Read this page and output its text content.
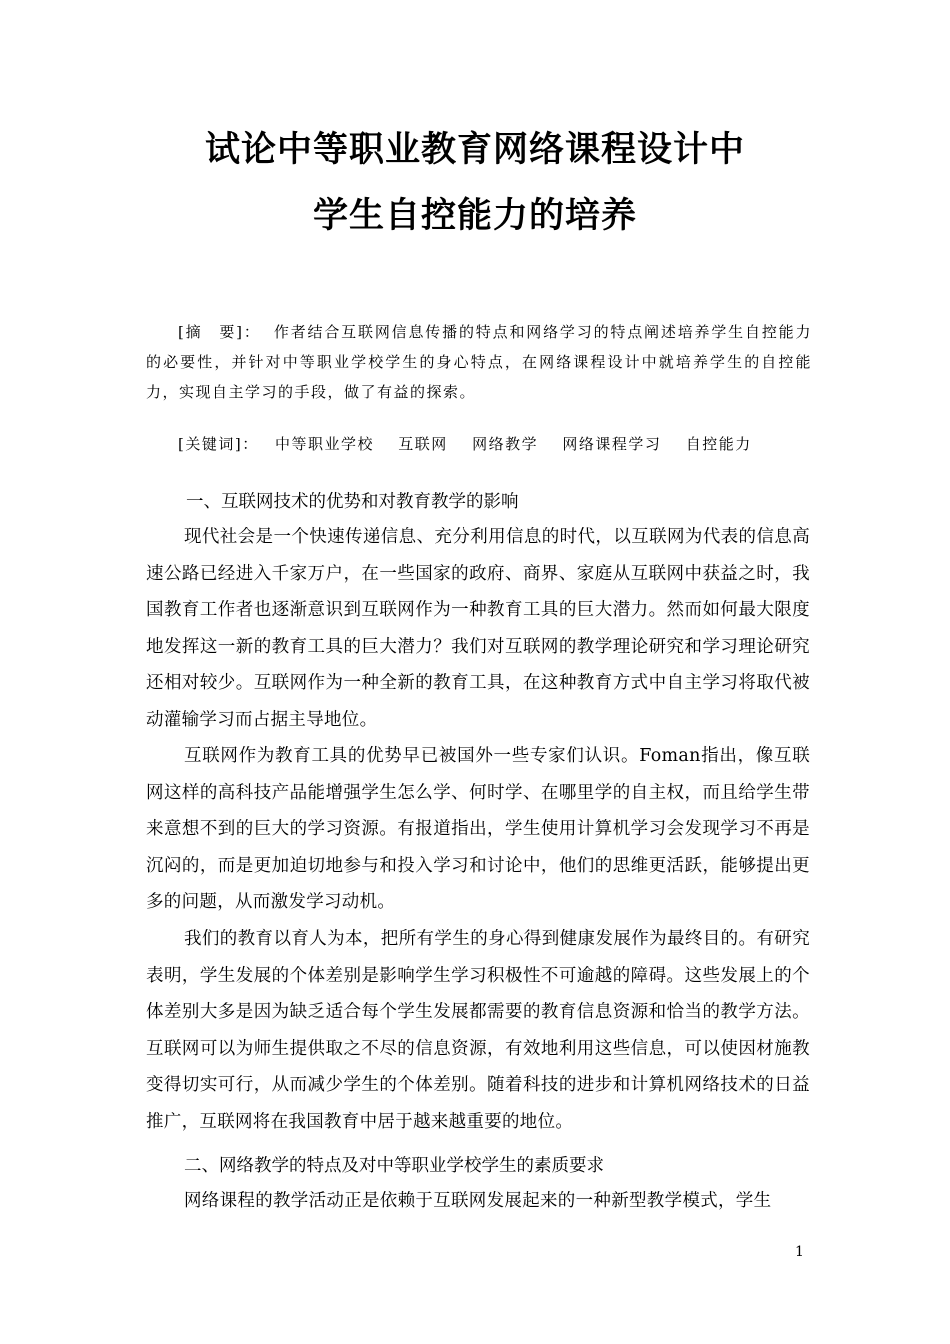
试论中等职业教育网络课程设计中
学生自控能力的培养
[摘　要]： 作者结合互联网信息传播的特点和网络学习的特点阐述培养学生自控能力的必要性，并针对中等职业学校学生的身心特点，在网络课程设计中就培养学生的自控能力，实现自主学习的手段，做了有益的探索。
[关键词]： 中等职业学校 互联网 网络教学 网络课程学习 自控能力
一、互联网技术的优势和对教育教学的影响

现代社会是一个快速传递信息、充分利用信息的时代，以互联网为代表的信息高速公路已经进入千家万户，在一些国家的政府、商界、家庭从互联网中获益之时，我国教育工作者也逐渐意识到互联网作为一种教育工具的巨大潜力。然而如何最大限度地发挥这一新的教育工具的巨大潜力？我们对互联网的教学理论研究和学习理论研究还相对较少。互联网作为一种全新的教育工具，在这种教育方式中自主学习将取代被动灌输学习而占据主导地位。

互联网作为教育工具的优势早已被国外一些专家们认识。Foman指出，像互联网这样的高科技产品能增强学生怎么学、何时学、在哪里学的自主权，而且给学生带来意想不到的巨大的学习资源。有报道指出，学生使用计算机学习会发现学习不再是沉闷的，而是更加迫切地参与和投入学习和讨论中，他们的思维更活跃，能够提出更多的问题，从而激发学习动机。

我们的教育以育人为本，把所有学生的身心得到健康发展作为最终目的。有研究表明，学生发展的个体差别是影响学生学习积极性不可逾越的障碍。这些发展上的个体差别大多是因为缺乏适合每个学生发展都需要的教育信息资源和恰当的教学方法。互联网可以为师生提供取之不尽的信息资源，有效地利用这些信息，可以使因材施教变得切实可行，从而减少学生的个体差别。随着科技的进步和计算机网络技术的日益推广，互联网将在我国教育中居于越来越重要的地位。

二、网络教学的特点及对中等职业学校学生的素质要求

网络课程的教学活动正是依赖于互联网发展起来的一种新型教学模式，学生

1
